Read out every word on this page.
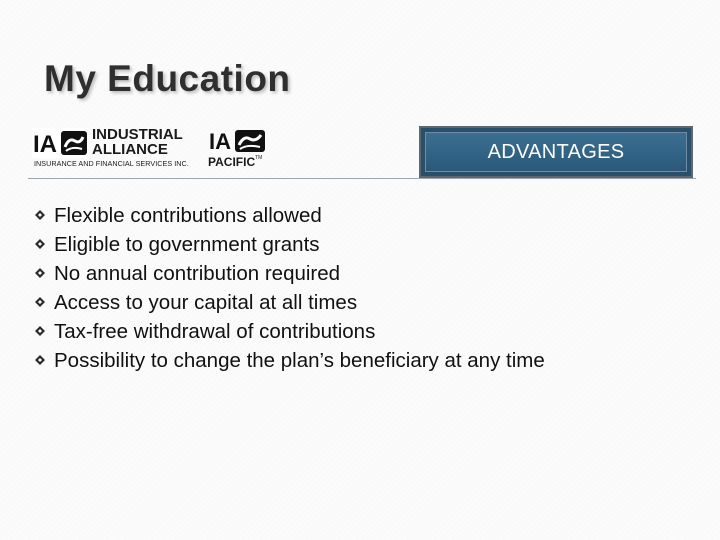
My Education
IA INDUSTRIAL
ALLIANCE
INSURANCE AND FINANCIAL SERVICES INC.
IA
PACIFIC™	ADVANTAGES
Flexible contributions allowed
Eligible to government grants
No annual contribution required
Access to your capital at all times
Tax-free withdrawal of contributions
Possibility to change the plan’s beneficiary at any time
